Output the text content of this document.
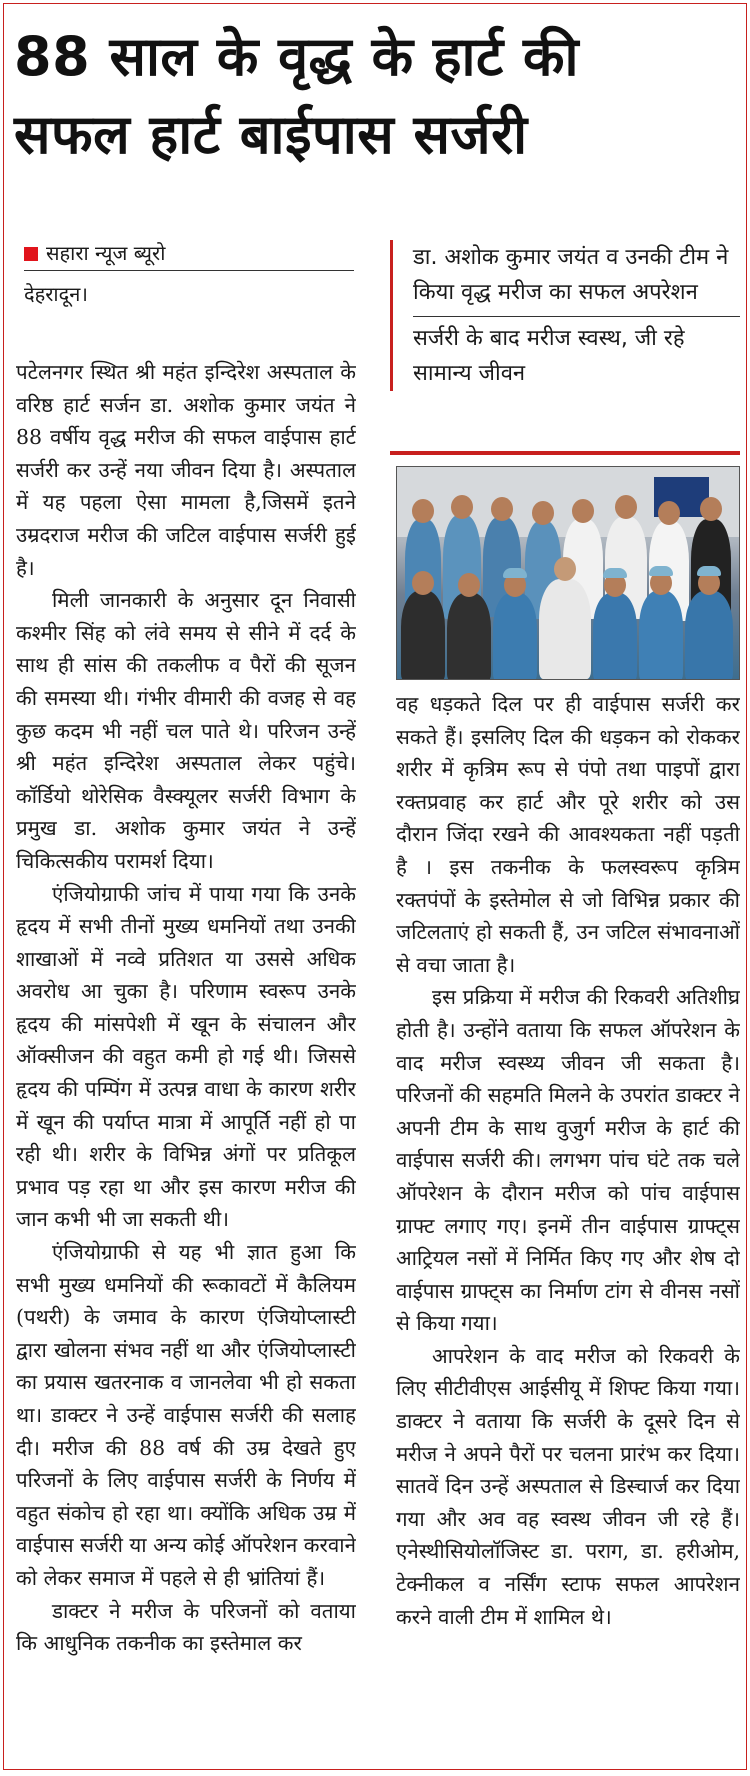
88 साल के वृद्ध के हार्ट की
सफल हार्ट बाईपास सर्जरी
सहारा न्यूज ब्यूरो
देहरादून।

पटेलनगर स्थित श्री महंत इन्दिरेश अस्पताल के वरिष्ठ हार्ट सर्जन डा. अशोक कुमार जयंत ने 88 वर्षीय वृद्ध मरीज की सफल वाईपास हार्ट सर्जरी कर उन्हें नया जीवन दिया है। अस्पताल में यह पहला ऐसा मामला है,जिसमें इतने उम्रदराज मरीज की जटिल वाईपास सर्जरी हुई है।

मिली जानकारी के अनुसार दून निवासी कश्मीर सिंह को लंवे समय से सीने में दर्द के साथ ही सांस की तकलीफ व पैरों की सूजन की समस्या थी। गंभीर वीमारी की वजह से वह कुछ कदम भी नहीं चल पाते थे। परिजन उन्हें श्री महंत इन्दिरेश अस्पताल लेकर पहुंचे। कॉर्डियो थोरेसिक वैस्क्यूलर सर्जरी विभाग के प्रमुख डा. अशोक कुमार जयंत ने उन्हें चिकित्सकीय परामर्श दिया।

एंजियोग्राफी जांच में पाया गया कि उनके हृदय में सभी तीनों मुख्य धमनियों तथा उनकी शाखाओं में नव्वे प्रतिशत या उससे अधिक अवरोध आ चुका है। परिणाम स्वरूप उनके हृदय की मांसपेशी में खून के संचालन और ऑक्सीजन की वहुत कमी हो गई थी। जिससे हृदय की पम्पिंग में उत्पन्न वाधा के कारण शरीर में खून की पर्याप्त मात्रा में आपूर्ति नहीं हो पा रही थी। शरीर के विभिन्न अंगों पर प्रतिकूल प्रभाव पड़ रहा था और इस कारण मरीज की जान कभी भी जा सकती थी।

एंजियोग्राफी से यह भी ज्ञात हुआ कि सभी मुख्य धमनियों की रूकावटों में कैलियम (पथरी) के जमाव के कारण एंजियोप्लास्टी द्वारा खोलना संभव नहीं था और एंजियोप्लास्टी का प्रयास खतरनाक व जानलेवा भी हो सकता था। डाक्टर ने उन्हें वाईपास सर्जरी की सलाह दी। मरीज की 88 वर्ष की उम्र देखते हुए परिजनों के लिए वाईपास सर्जरी के निर्णय में वहुत संकोच हो रहा था। क्योंकि अधिक उम्र में वाईपास सर्जरी या अन्य कोई ऑपरेशन करवाने को लेकर समाज में पहले से ही भ्रांतियां हैं।

डाक्टर ने मरीज के परिजनों को वताया कि आधुनिक तकनीक का इस्तेमाल कर

डा. अशोक कुमार जयंत व उनकी टीम ने किया वृद्ध मरीज का सफल अपरेशन
सर्जरी के बाद मरीज स्वस्थ, जी रहे सामान्य जीवन

वह धड़कते दिल पर ही वाईपास सर्जरी कर सकते हैं। इसलिए दिल की धड़कन को रोककर शरीर में कृत्रिम रूप से पंपो तथा पाइपों द्वारा रक्तप्रवाह कर हार्ट और पूरे शरीर को उस दौरान जिंदा रखने की आवश्यकता नहीं पड़ती है । इस तकनीक के फलस्वरूप कृत्रिम रक्तपंपों के इस्तेमोल से जो विभिन्न प्रकार की जटिलताएं हो सकती हैं, उन जटिल संभावनाओं से वचा जाता है।

इस प्रक्रिया में मरीज की रिकवरी अतिशीघ्र होती है। उन्होंने वताया कि सफल ऑपरेशन के वाद मरीज स्वस्थ्य जीवन जी सकता है। परिजनों की सहमति मिलने के उपरांत डाक्टर ने अपनी टीम के साथ वुजुर्ग मरीज के हार्ट की वाईपास सर्जरी की। लगभग पांच घंटे तक चले ऑपरेशन के दौरान मरीज को पांच वाईपास ग्राफ्ट लगाए गए। इनमें तीन वाईपास ग्राफ्ट्स आट्रियल नसों में निर्मित किए गए और शेष दो वाईपास ग्राफ्ट्स का निर्माण टांग से वीनस नसों से किया गया।

आपरेशन के वाद मरीज को रिकवरी के लिए सीटीवीएस आईसीयू में शिफ्ट किया गया। डाक्टर ने वताया कि सर्जरी के दूसरे दिन से मरीज ने अपने पैरों पर चलना प्रारंभ कर दिया। सातवें दिन उन्हें अस्पताल से डिस्चार्ज कर दिया गया और अव वह स्वस्थ जीवन जी रहे हैं। एनेस्थीसियोलॉजिस्ट डा. पराग, डा. हरीओम, टेक्नीकल व नर्सिंग स्टाफ सफल आपरेशन करने वाली टीम में शामिल थे।
